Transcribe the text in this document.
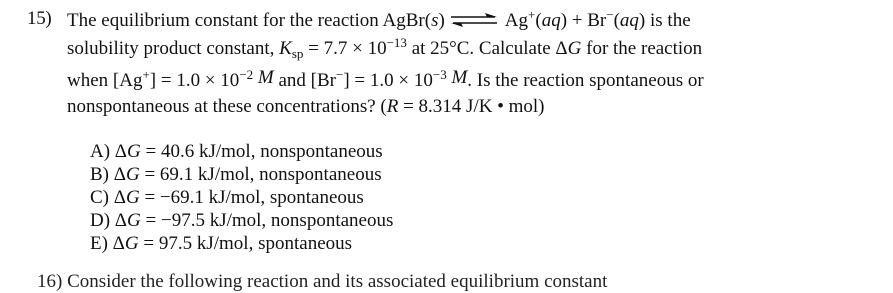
15) The equilibrium constant for the reaction AgBr(s) ⇌ Ag+(aq) + Br−(aq) is the
solubility product constant, $K_{sp} = 7.7 \times 10^{-13}$ at 25°C. Calculate ΔG for the reaction
when $[Ag^+] = 1.0 \times 10^{-2}$ $^M$ and $[Br^-] = 1.0 \times 10^{-3}$ $^M$. Is the reaction spontaneous or
nonspontaneous at these concentrations? (R = 8.314 J/K • mol)
A) ΔG = 40.6 kJ/mol, nonspontaneous
B) ΔG = 69.1 kJ/mol, nonspontaneous
C) ΔG = −69.1 kJ/mol, spontaneous
D) ΔG = −97.5 kJ/mol, nonspontaneous
E) ΔG = 97.5 kJ/mol, spontaneous
16) Consider the following reaction and its associated equilibrium constant
